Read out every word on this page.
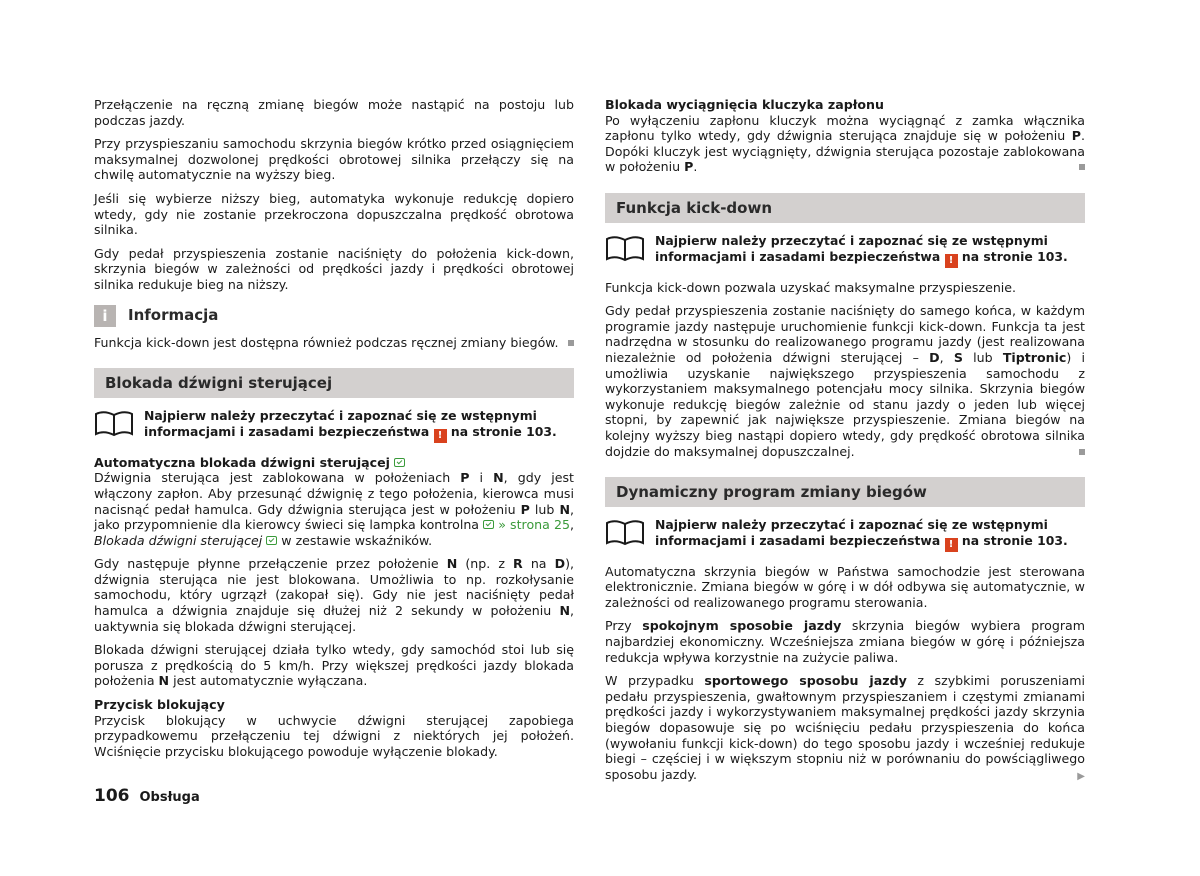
Przełączenie na ręczną zmianę biegów może nastąpić na postoju lub podczas jazdy.

Przy przyspieszaniu samochodu skrzynia biegów krótko przed osiągnięciem maksymalnej dozwolonej prędkości obrotowej silnika przełączy się na chwilę automatycznie na wyższy bieg.

Jeśli się wybierze niższy bieg, automatyka wykonuje redukcję dopiero wtedy, gdy nie zostanie przekroczona dopuszczalna prędkość obrotowa silnika.

Gdy pedał przyspieszenia zostanie naciśnięty do położenia kick-down, skrzynia biegów w zależności od prędkości jazdy i prędkości obrotowej silnika redukuje bieg na niższy.

i	Informacja

Funkcja kick-down jest dostępna również podczas ręcznej zmiany biegów.

Blokada dźwigni sterującej
Najpierw należy przeczytać i zapoznać się ze wstępnymi informacjami i zasadami bezpieczeństwa ! na stronie 103.
Automatyczna blokada dźwigni sterującej

Dźwignia sterująca jest zablokowana w położeniach P i N, gdy jest włączony zapłon. Aby przesunąć dźwignię z tego położenia, kierowca musi nacisnąć pedał hamulca. Gdy dźwignia sterująca jest w położeniu P lub N, jako przypomnienie dla kierowcy świeci się lampka kontrolna  » strona 25, Blokada dźwigni sterującej  w zestawie wskaźników.

Gdy następuje płynne przełączenie przez położenie N (np. z R na D), dźwignia sterująca nie jest blokowana. Umożliwia to np. rozkołysanie samochodu, który ugrzązł (zakopał się). Gdy nie jest naciśnięty pedał hamulca a dźwignia znajduje się dłużej niż 2 sekundy w położeniu N, uaktywnia się blokada dźwigni sterującej.

Blokada dźwigni sterującej działa tylko wtedy, gdy samochód stoi lub się porusza z prędkością do 5 km/h. Przy większej prędkości jazdy blokada położenia N jest automatycznie wyłączana.

Przycisk blokujący

Przycisk blokujący w uchwycie dźwigni sterującej zapobiega przypadkowemu przełączeniu tej dźwigni z niektórych jej położeń. Wciśnięcie przycisku blokującego powoduje wyłączenie blokady.

Blokada wyciągnięcia kluczyka zapłonu

Po wyłączeniu zapłonu kluczyk można wyciągnąć z zamka włącznika zapłonu tylko wtedy, gdy dźwignia sterująca znajduje się w położeniu P. Dopóki kluczyk jest wyciągnięty, dźwignia sterująca pozostaje zablokowana w położeniu P.

Funkcja kick-down
Najpierw należy przeczytać i zapoznać się ze wstępnymi informacjami i zasadami bezpieczeństwa ! na stronie 103.

Funkcja kick-down pozwala uzyskać maksymalne przyspieszenie.

Gdy pedał przyspieszenia zostanie naciśnięty do samego końca, w każdym programie jazdy następuje uruchomienie funkcji kick-down. Funkcja ta jest nadrzędna w stosunku do realizowanego programu jazdy (jest realizowana niezależnie od położenia dźwigni sterującej – D, S lub Tiptronic) i umożliwia uzyskanie największego przyspieszenia samochodu z wykorzystaniem maksymalnego potencjału mocy silnika. Skrzynia biegów wykonuje redukcję biegów zależnie od stanu jazdy o jeden lub więcej stopni, by zapewnić jak największe przyspieszenie. Zmiana biegów na kolejny wyższy bieg nastąpi dopiero wtedy, gdy prędkość obrotowa silnika dojdzie do maksymalnej dopuszczalnej.

Dynamiczny program zmiany biegów
Najpierw należy przeczytać i zapoznać się ze wstępnymi informacjami i zasadami bezpieczeństwa ! na stronie 103.

Automatyczna skrzynia biegów w Państwa samochodzie jest sterowana elektronicznie. Zmiana biegów w górę i w dół odbywa się automatycznie, w zależności od realizowanego programu sterowania.

Przy spokojnym sposobie jazdy skrzynia biegów wybiera program najbardziej ekonomiczny. Wcześniejsza zmiana biegów w górę i późniejsza redukcja wpływa korzystnie na zużycie paliwa.

W przypadku sportowego sposobu jazdy z szybkimi poruszeniami pedału przyspieszenia, gwałtownym przyspieszaniem i częstymi zmianami prędkości jazdy i wykorzystywaniem maksymalnej prędkości jazdy skrzynia biegów dopasowuje się po wciśnięciu pedału przyspieszenia do końca (wywołaniu funkcji kick-down) do tego sposobu jazdy i wcześniej redukuje biegi – częściej i w większym stopniu niż w porównaniu do powściągliwego sposobu jazdy.	▶

106 Obsługa
